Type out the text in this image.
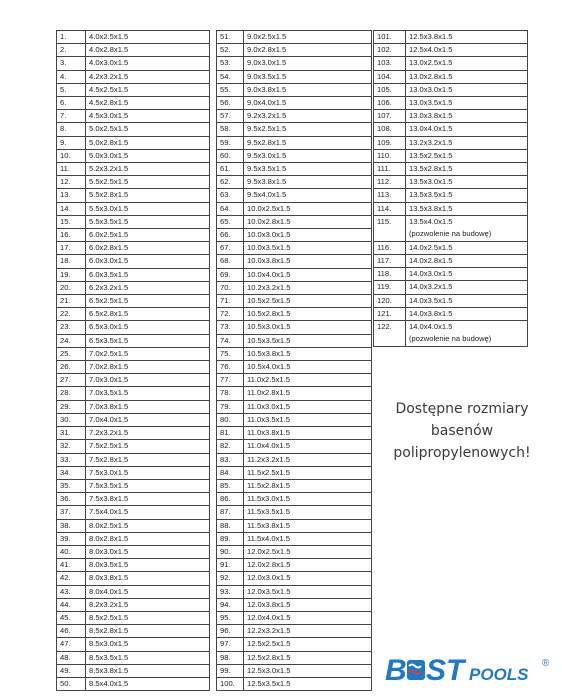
1.	4.0x2.5x1.5
2.	4.0x2.8x1.5
3.	4.0x3.0x1.5
4.	4.2x3.2x1.5
5.	4.5x2.5x1.5
6.	4.5x2.8x1.5
7.	4.5x3.0x1.5
8.	5.0x2.5x1.5
9.	5.0x2.8x1.5
10.	5.0x3.0x1.5
11.	5.2x3.2x1.5
12.	5.5x2.5x1.5
13.	5.5x2.8x1.5
14.	5.5x3.0x1.5
15.	5.5x3.5x1.5
16.	6.0x2.5x1.5
17.	6.0x2.8x1.5
18.	6.0x3.0x1.5
19.	6.0x3.5x1.5
20.	6.2x3.2x1.5
21.	6.5x2.5x1.5
22.	6.5x2.8x1.5
23.	6.5x3.0x1.5
24.	6.5x3.5x1.5
25.	7.0x2.5x1.5
26.	7.0x2.8x1.5
27.	7.0x3.0x1.5
28.	7.0x3.5x1.5
29.	7.0x3.8x1.5
30.	7.0x4.0x1.5
31.	7.2x3.2x1.5
32.	7.5x2.5x1.5
33.	7.5x2.8x1.5
34.	7.5x3.0x1.5
35.	7.5x3.5x1.5
36.	7.5x3.8x1.5
37.	7.5x4.0x1.5
38.	8.0x2.5x1.5
39.	8.0x2.8x1.5
40.	8.0x3.0x1.5
41.	8.0x3.5x1.5
42.	8.0x3.8x1.5
43.	8.0x4.0x1.5
44.	8.2x3.2x1.5
45.	8.5x2.5x1.5
46.	8.5x2.8x1.5
47.	8.5x3.0x1.5
48.	8.5x3.5x1.5
49.	8.5x3.8x1.5
50.	8.5x4.0x1.5
51.	9.0x2.5x1.5
52.	9.0x2.8x1.5
53.	9.0x3.0x1.5
54.	9.0x3.5x1.5
55.	9.0x3.8x1.5
56.	9.0x4.0x1.5
57.	9.2x3.2x1.5
58.	9.5x2.5x1.5
59.	9.5x2.8x1.5
60.	9.5x3.0x1.5
61.	9.5x3.5x1.5
62.	9.5x3.8x1.5
63.	9.5x4.0x1.5
64.	10.0x2.5x1.5
65.	10.0x2.8x1.5
66.	10.0x3.0x1.5
67.	10.0x3.5x1.5
68.	10.0x3.8x1.5
69.	10.0x4.0x1.5
70.	10.2x3.2x1.5
71.	10.5x2.5x1.5
72.	10.5x2.8x1.5
73.	10.5x3.0x1.5
74.	10.5x3.5x1.5
75.	10.5x3.8x1.5
76.	10.5x4.0x1.5
77.	11.0x2.5x1.5
78.	11.0x2.8x1.5
79.	11.0x3.0x1.5
80.	11.0x3.5x1.5
81.	11.0x3.8x1.5
82.	11.0x4.0x1.5
83.	11.2x3.2x1.5
84.	11.5x2.5x1.5
85.	11.5x2.8x1.5
86.	11.5x3.0x1.5
87.	11.5x3.5x1.5
88.	11.5x3.8x1.5
89.	11.5x4.0x1.5
90.	12.0x2.5x1.5
91.	12.0x2.8x1.5
92.	12.0x3.0x1.5
93.	12.0x3.5x1.5
94.	12.0x3.8x1.5
95.	12.0x4.0x1.5
96.	12.2x3.2x1.5
97.	12.5x2.5x1.5
98.	12.5x2.8x1.5
99.	12.5x3.0x1.5
100.	12.5x3.5x1.5
101.	12.5x3.8x1.5
102.	12.5x4.0x1.5
103.	13.0x2.5x1.5
104.	13.0x2.8x1.5
105.	13.0x3.0x1.5
106.	13.0x3.5x1.5
107.	13.0x3.8x1.5
108.	13.0x4.0x1.5
109.	13.2x3.2x1.5
110.	13.5x2.5x1.5
111.	13.5x2.8x1.5
112.	13.5x3.0x1.5
113.	13.5x3.5x1.5
114.	13.5x3.8x1.5
115.	13.5x4.0x1.5
(pozwolenie na budowę)

116.	14.0x2.5x1.5
117.	14.0x2.8x1.5
118.	14.0x3.0x1.5
119.	14.0x3.2x1.5
120.	14.0x3.5x1.5
121.	14.0x3.8x1.5
122.	14.0x4.0x1.5
(pozwolenie na budowę)
Dostępne rozmiary
basenów
polipropylenowych!
B ST POOLS
®
